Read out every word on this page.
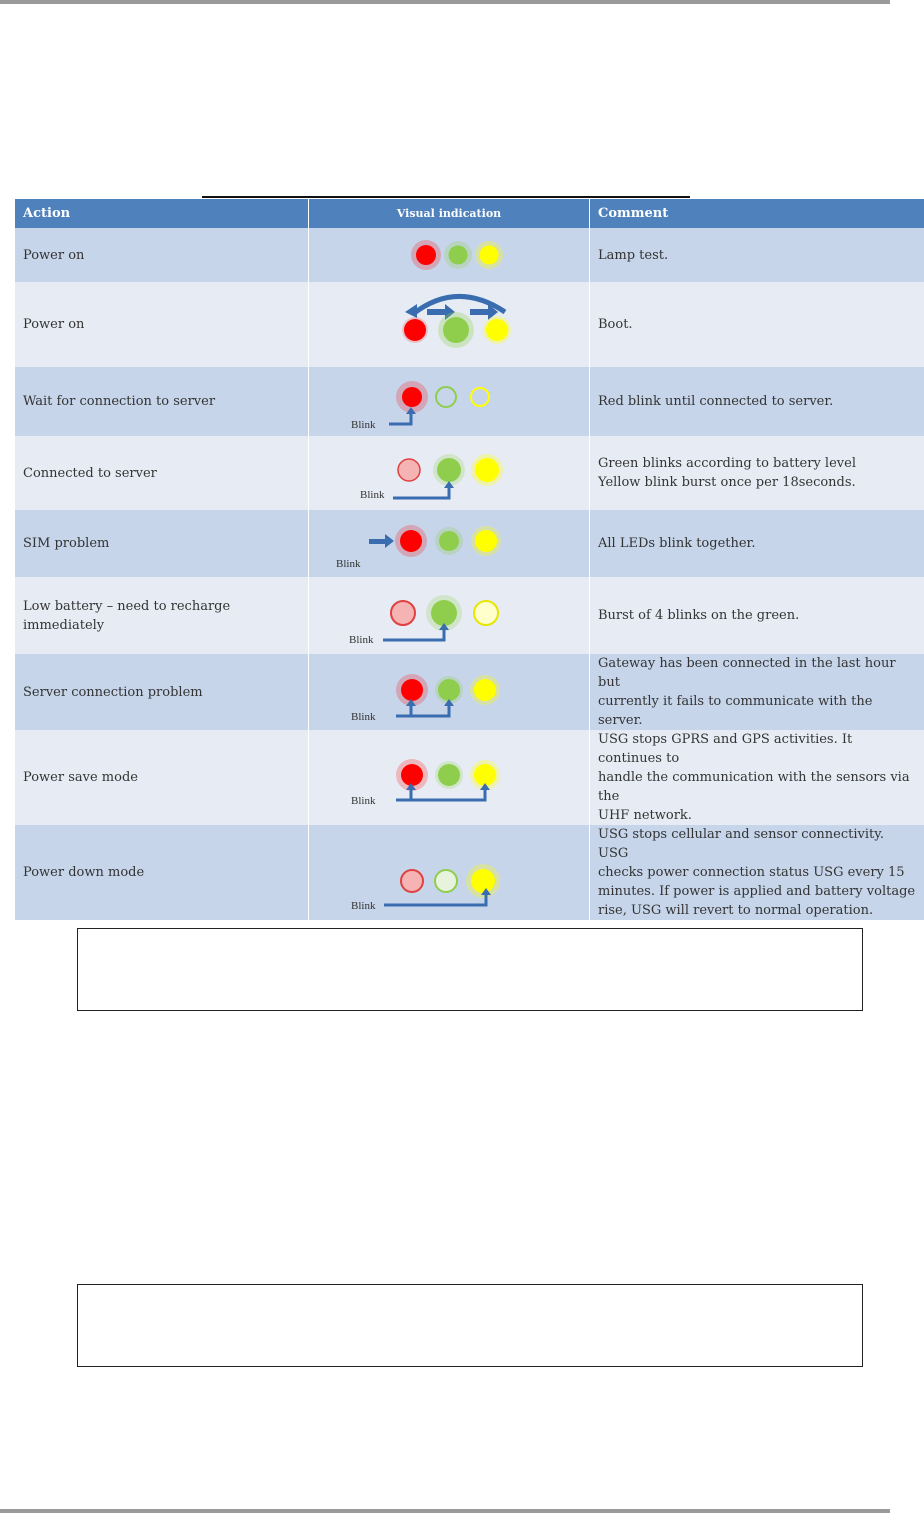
Action	Visual indication	Comment
Power on		Lamp test.

Power on		Boot.

Wait for connection to server	Blink	Red blink until connected to server.

Connected to server	Blink	Green blinks according to battery level
Yellow blink burst once per 18seconds.

SIM problem	Blink	All LEDs blink together.

Low battery – need to recharge immediately	Blink	Burst of 4 blinks on the green.

Server connection problem	Blink	Gateway has been connected in the last hour but
currently it fails to communicate with the server.

Power save mode	Blink	USG stops GPRS and GPS activities. It continues to
handle the communication with the sensors via the
UHF network.

Power down mode	Blink	USG stops cellular and sensor connectivity. USG
checks power connection status USG every 15
minutes. If power is applied and battery voltage
rise, USG will revert to normal operation.
